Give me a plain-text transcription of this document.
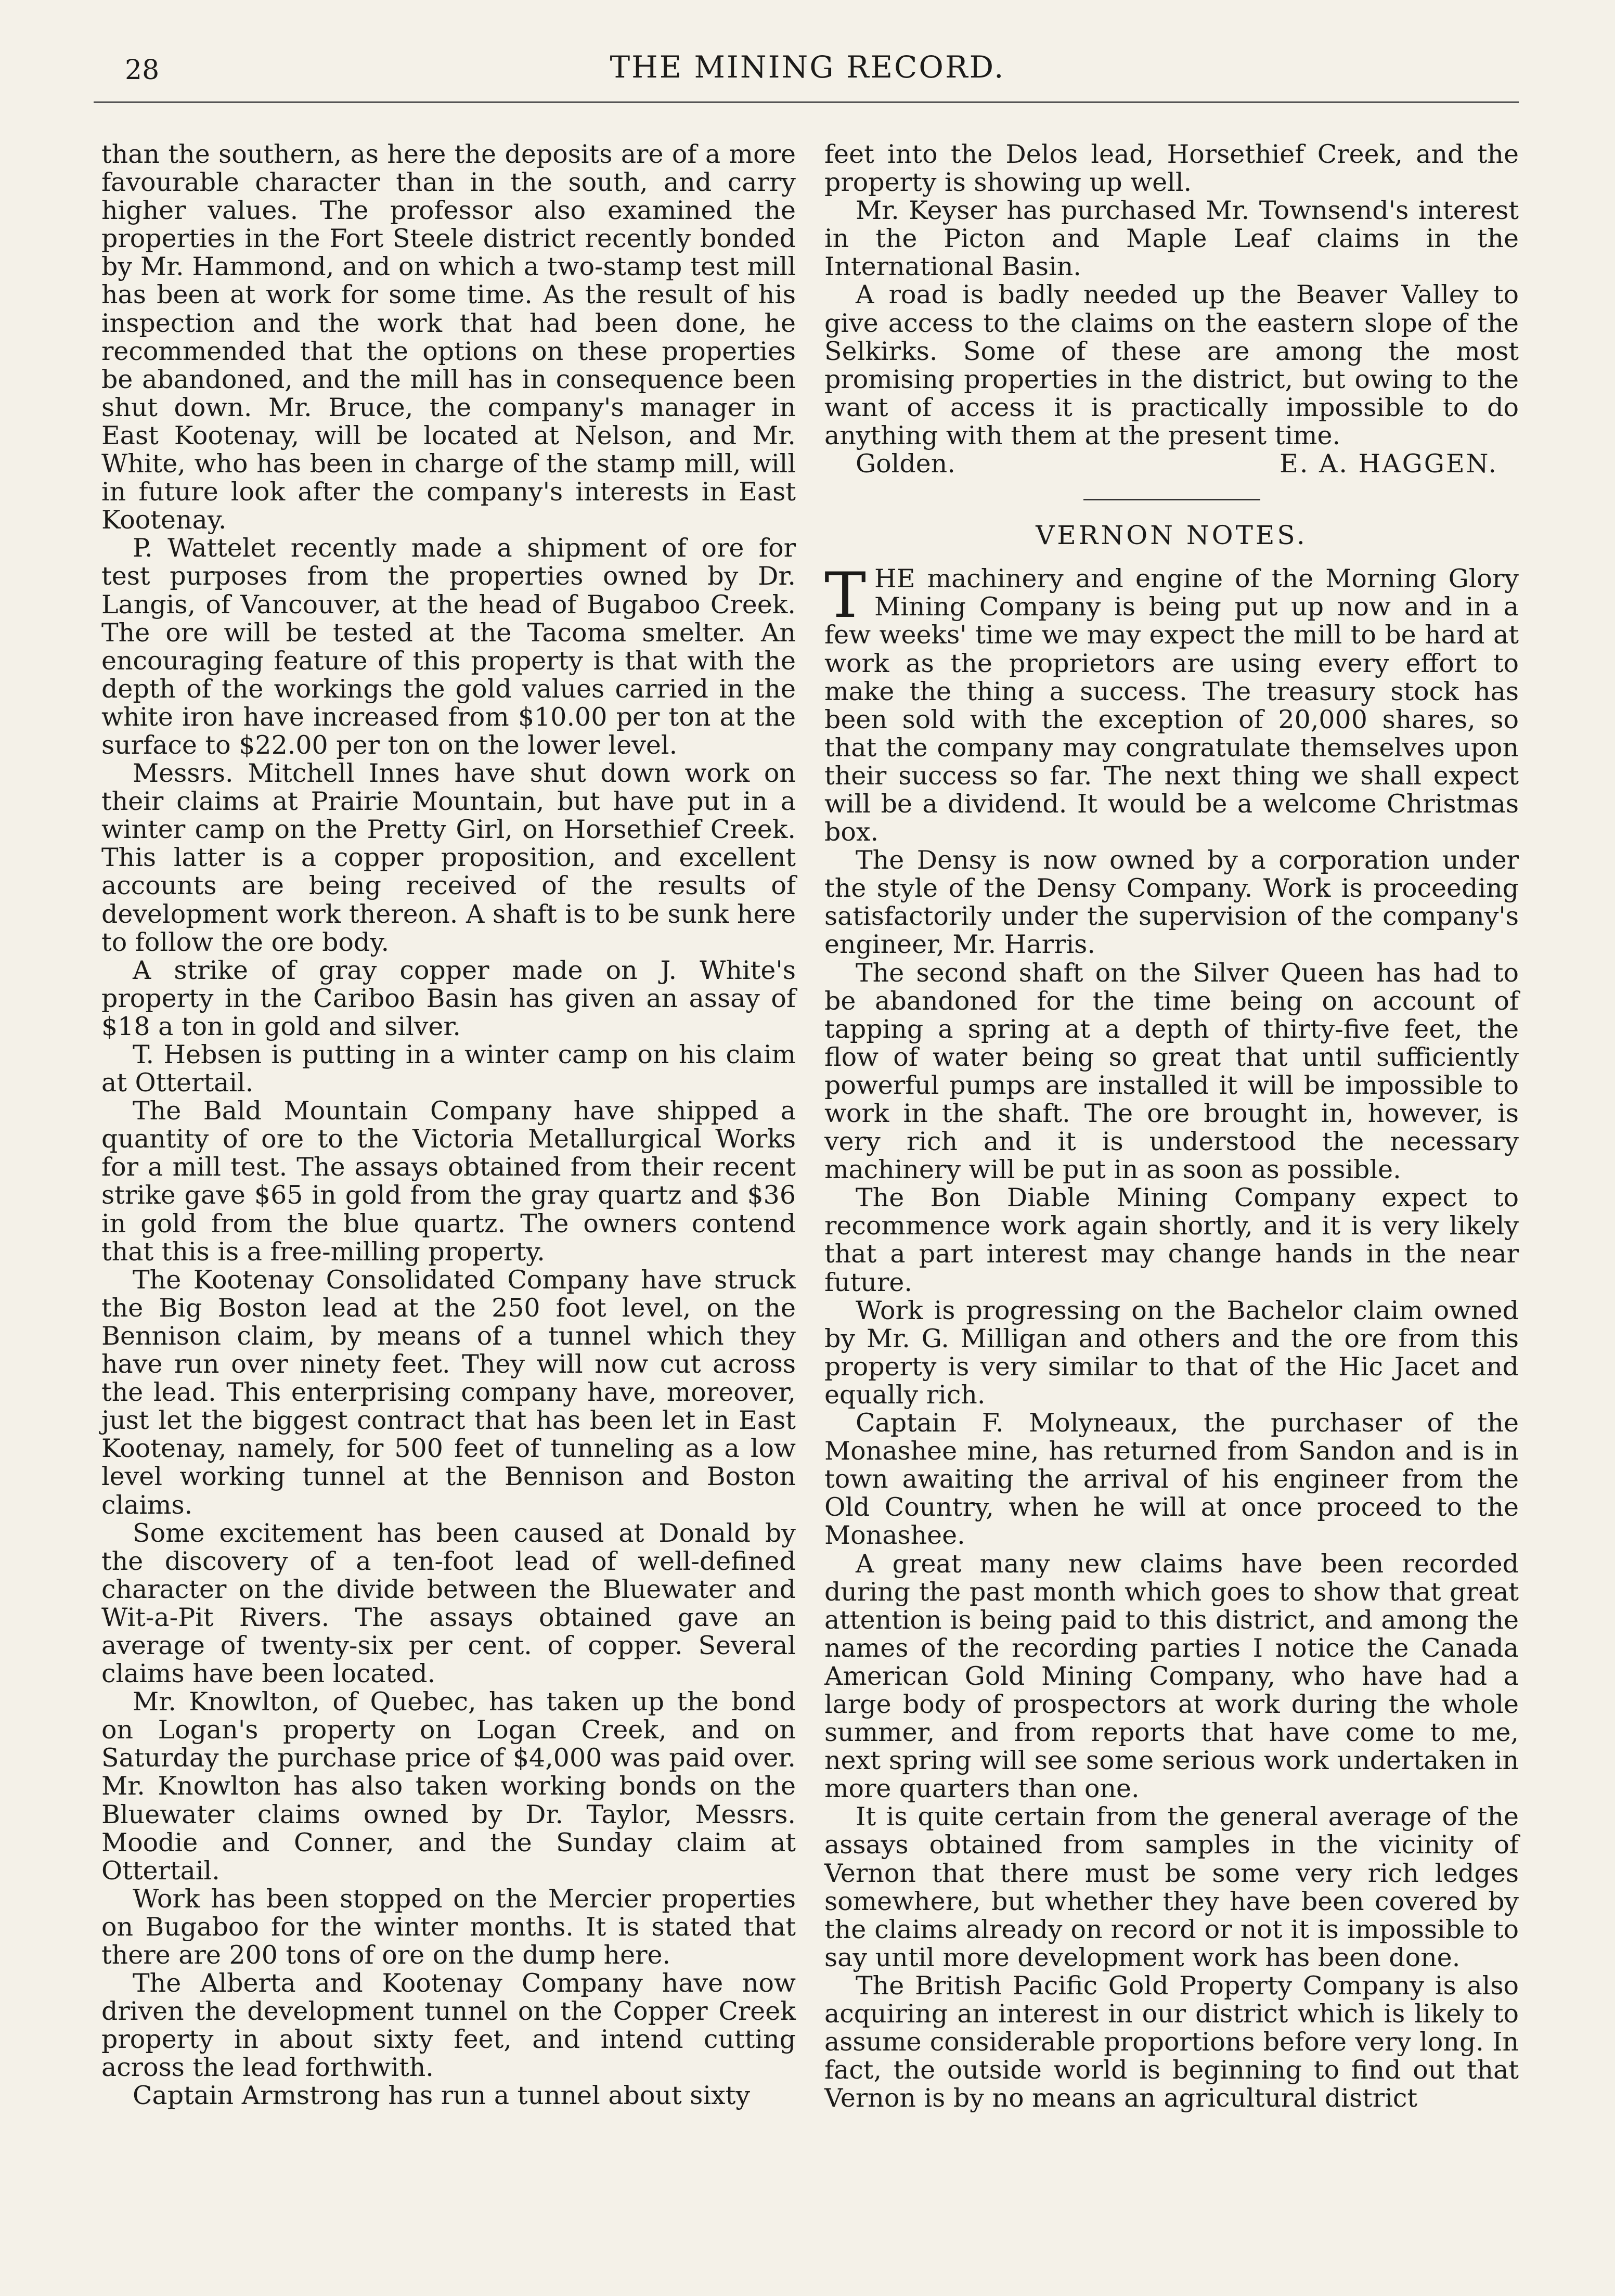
28	THE MINING RECORD.

than the southern, as here the deposits are of a more favourable character than in the south, and carry higher values. The professor also examined the properties in the Fort Steele district recently bonded by Mr. Hammond, and on which a two-stamp test mill has been at work for some time. As the result of his inspection and the work that had been done, he recommended that the options on these properties be abandoned, and the mill has in consequence been shut down. Mr. Bruce, the company's manager in East Kootenay, will be located at Nelson, and Mr. White, who has been in charge of the stamp mill, will in future look after the company's interests in East Kootenay.

P. Wattelet recently made a shipment of ore for test purposes from the properties owned by Dr. Langis, of Vancouver, at the head of Bugaboo Creek. The ore will be tested at the Tacoma smelter. An encouraging feature of this property is that with the depth of the workings the gold values carried in the white iron have increased from $10.00 per ton at the surface to $22.00 per ton on the lower level.

Messrs. Mitchell Innes have shut down work on their claims at Prairie Mountain, but have put in a winter camp on the Pretty Girl, on Horsethief Creek. This latter is a copper proposition, and excellent accounts are being received of the results of development work thereon. A shaft is to be sunk here to follow the ore body.

A strike of gray copper made on J. White's property in the Cariboo Basin has given an assay of $18 a ton in gold and silver.

T. Hebsen is putting in a winter camp on his claim at Ottertail.

The Bald Mountain Company have shipped a quantity of ore to the Victoria Metallurgical Works for a mill test. The assays obtained from their recent strike gave $65 in gold from the gray quartz and $36 in gold from the blue quartz. The owners contend that this is a free-milling property.

The Kootenay Consolidated Company have struck the Big Boston lead at the 250 foot level, on the Bennison claim, by means of a tunnel which they have run over ninety feet. They will now cut across the lead. This enterprising company have, moreover, just let the biggest contract that has been let in East Kootenay, namely, for 500 feet of tunneling as a low level working tunnel at the Bennison and Boston claims.

Some excitement has been caused at Donald by the discovery of a ten-foot lead of well-defined character on the divide between the Bluewater and Wit-a-Pit Rivers. The assays obtained gave an average of twenty-six per cent. of copper. Several claims have been located.

Mr. Knowlton, of Quebec, has taken up the bond on Logan's property on Logan Creek, and on Saturday the purchase price of $4,000 was paid over. Mr. Knowlton has also taken working bonds on the Bluewater claims owned by Dr. Taylor, Messrs. Moodie and Conner, and the Sunday claim at Ottertail.

Work has been stopped on the Mercier properties on Bugaboo for the winter months. It is stated that there are 200 tons of ore on the dump here.

The Alberta and Kootenay Company have now driven the development tunnel on the Copper Creek property in about sixty feet, and intend cutting across the lead forthwith.

Captain Armstrong has run a tunnel about sixty

feet into the Delos lead, Horsethief Creek, and the property is showing up well.

Mr. Keyser has purchased Mr. Townsend's interest in the Picton and Maple Leaf claims in the International Basin.

A road is badly needed up the Beaver Valley to give access to the claims on the eastern slope of the Selkirks. Some of these are among the most promising properties in the district, but owing to the want of access it is practically impossible to do anything with them at the present time.

Golden.	E. A. HAGGEN.
VERNON NOTES.

THE machinery and engine of the Morning Glory Mining Company is being put up now and in a few weeks' time we may expect the mill to be hard at work as the proprietors are using every effort to make the thing a success. The treasury stock has been sold with the exception of 20,000 shares, so that the company may congratulate themselves upon their success so far. The next thing we shall expect will be a dividend. It would be a welcome Christmas box.

The Densy is now owned by a corporation under the style of the Densy Company. Work is proceeding satisfactorily under the supervision of the company's engineer, Mr. Harris.

The second shaft on the Silver Queen has had to be abandoned for the time being on account of tapping a spring at a depth of thirty-five feet, the flow of water being so great that until sufficiently powerful pumps are installed it will be impossible to work in the shaft. The ore brought in, however, is very rich and it is understood the necessary machinery will be put in as soon as possible.

The Bon Diable Mining Company expect to recommence work again shortly, and it is very likely that a part interest may change hands in the near future.

Work is progressing on the Bachelor claim owned by Mr. G. Milligan and others and the ore from this property is very similar to that of the Hic Jacet and equally rich.

Captain F. Molyneaux, the purchaser of the Monashee mine, has returned from Sandon and is in town awaiting the arrival of his engineer from the Old Country, when he will at once proceed to the Monashee.

A great many new claims have been recorded during the past month which goes to show that great attention is being paid to this district, and among the names of the recording parties I notice the Canada American Gold Mining Company, who have had a large body of prospectors at work during the whole summer, and from reports that have come to me, next spring will see some serious work undertaken in more quarters than one.

It is quite certain from the general average of the assays obtained from samples in the vicinity of Vernon that there must be some very rich ledges somewhere, but whether they have been covered by the claims already on record or not it is impossible to say until more development work has been done.

The British Pacific Gold Property Company is also acquiring an interest in our district which is likely to assume considerable proportions before very long. In fact, the outside world is beginning to find out that Vernon is by no means an agricultural district
